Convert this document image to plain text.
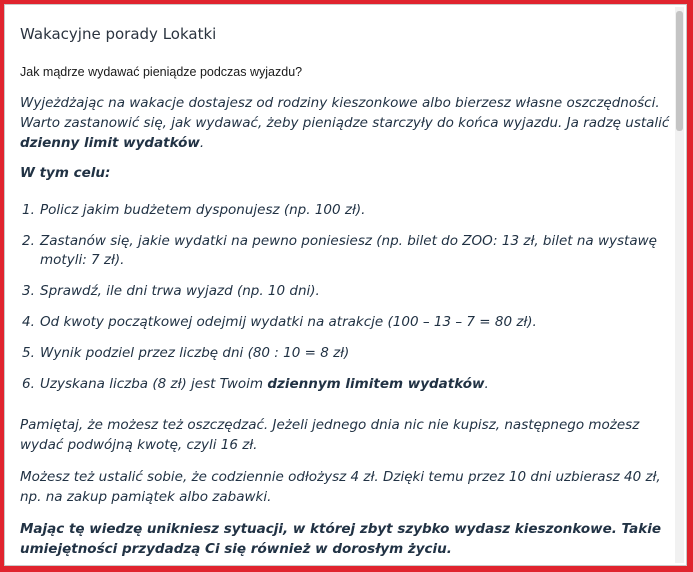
Wakacyjne porady Lokatki
Jak mądrze wydawać pieniądze podczas wyjazdu?
Wyjeżdżając na wakacje dostajesz od rodziny kieszonkowe albo bierzesz własne oszczędności. Warto zastanowić się, jak wydawać, żeby pieniądze starczyły do końca wyjazdu. Ja radzę ustalić dzienny limit wydatków.
W tym celu:
1. Policz jakim budżetem dysponujesz (np. 100 zł).
2. Zastanów się, jakie wydatki na pewno poniesiesz (np. bilet do ZOO: 13 zł, bilet na wystawę motyli: 7 zł).
3. Sprawdź, ile dni trwa wyjazd (np. 10 dni).
4. Od kwoty początkowej odejmij wydatki na atrakcje (100 – 13 – 7 = 80 zł).
5. Wynik podziel przez liczbę dni (80 : 10 = 8 zł)
6. Uzyskana liczba (8 zł) jest Twoim dziennym limitem wydatków.
Pamiętaj, że możesz też oszczędzać. Jeżeli jednego dnia nic nie kupisz, następnego możesz wydać podwójną kwotę, czyli 16 zł.
Możesz też ustalić sobie, że codziennie odłożysz 4 zł. Dzięki temu przez 10 dni uzbierasz 40 zł, np. na zakup pamiątek albo zabawki.
Mając tę wiedzę unikniesz sytuacji, w której zbyt szybko wydasz kieszonkowe. Takie umiejętności przydadzą Ci się również w dorosłym życiu.
